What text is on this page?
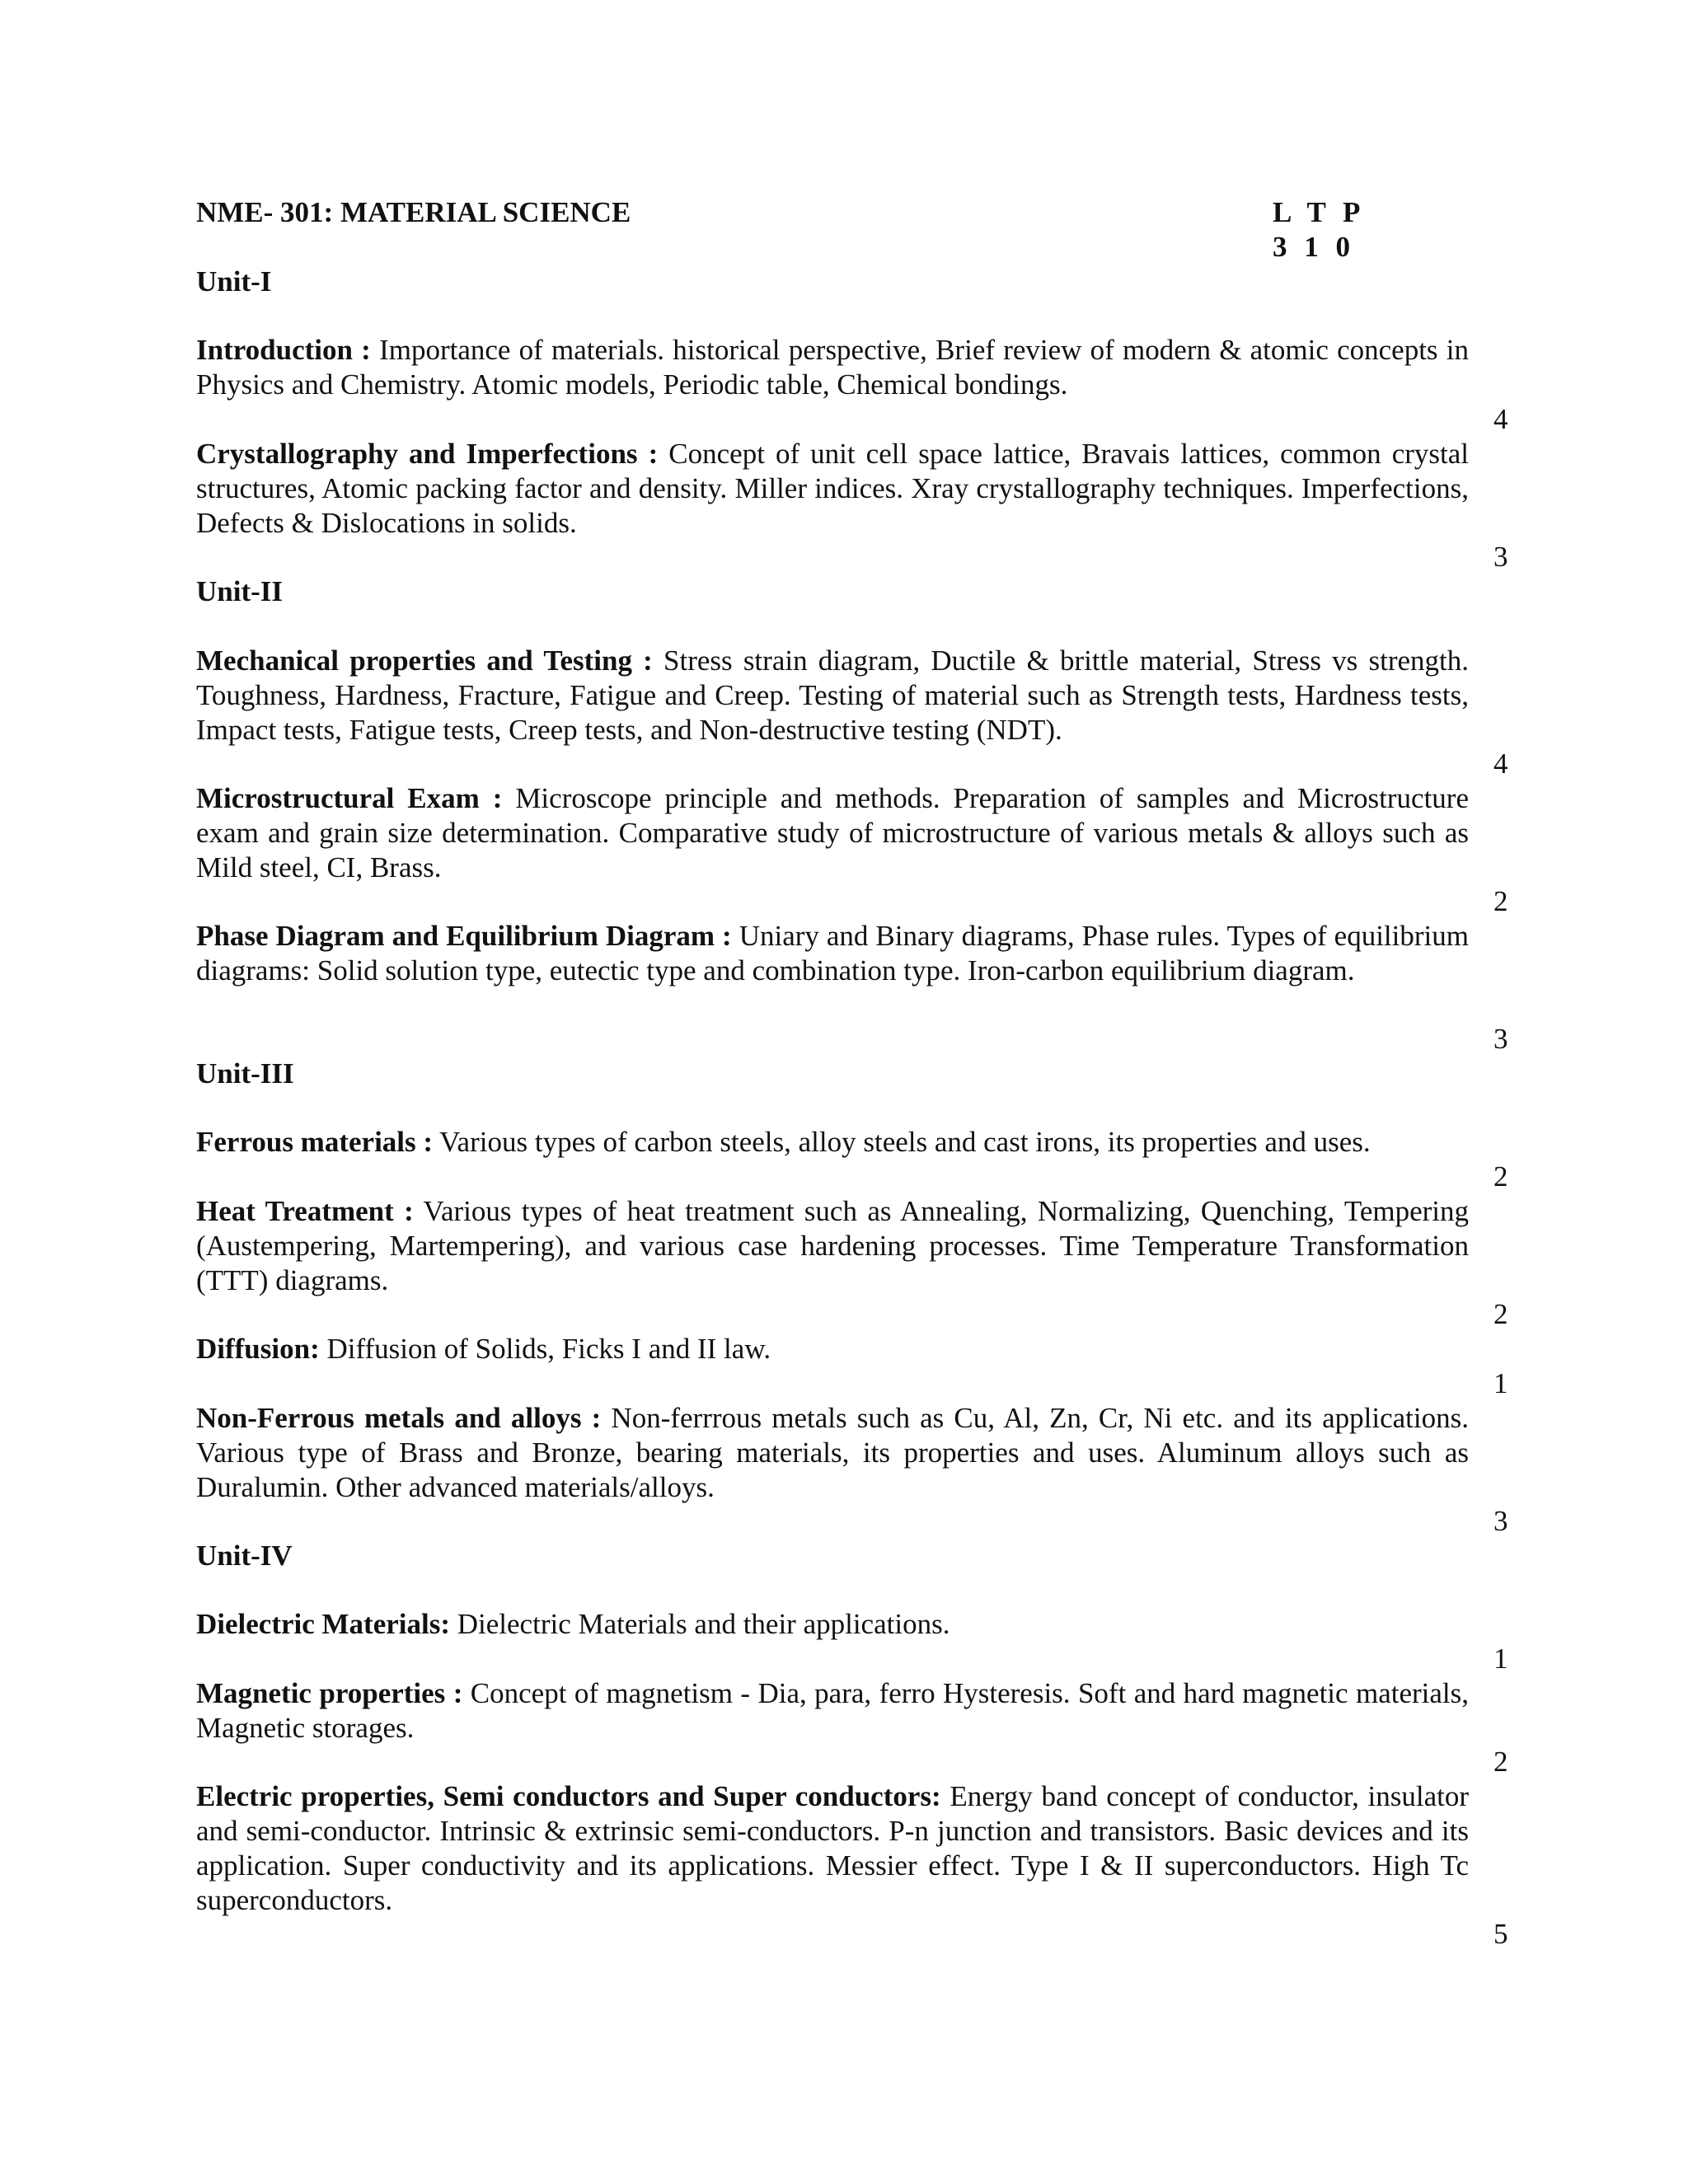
NME- 301: MATERIAL SCIENCE	L T P
3 1 0
Unit-I
Introduction : Importance of materials. historical perspective, Brief review of modern & atomic concepts in Physics and Chemistry. Atomic models, Periodic table, Chemical bondings.
4
Crystallography and Imperfections : Concept of unit cell space lattice, Bravais lattices, common crystal structures, Atomic packing factor and density. Miller indices. Xray crystallography techniques. Imperfections, Defects & Dislocations in solids.
3
Unit-II
Mechanical properties and Testing : Stress strain diagram, Ductile & brittle material, Stress vs strength. Toughness, Hardness, Fracture, Fatigue and Creep. Testing of material such as Strength tests, Hardness tests, Impact tests, Fatigue tests, Creep tests, and Non-destructive testing (NDT).
4
Microstructural Exam : Microscope principle and methods. Preparation of samples and Microstructure exam and grain size determination. Comparative study of microstructure of various metals & alloys such as Mild steel, CI, Brass.
2
Phase Diagram and Equilibrium Diagram : Uniary and Binary diagrams, Phase rules. Types of equilibrium diagrams: Solid solution type, eutectic type and combination type. Iron-carbon equilibrium diagram.
3
Unit-III
Ferrous materials : Various types of carbon steels, alloy steels and cast irons, its properties and uses.
2
Heat Treatment : Various types of heat treatment such as Annealing, Normalizing, Quenching, Tempering (Austempering, Martempering), and various case hardening processes. Time Temperature Transformation (TTT) diagrams.
2
Diffusion: Diffusion of Solids, Ficks I and II law.
1
Non-Ferrous metals and alloys : Non-ferrrous metals such as Cu, Al, Zn, Cr, Ni etc. and its applications. Various type of Brass and Bronze, bearing materials, its properties and uses. Aluminum alloys such as Duralumin. Other advanced materials/alloys.
3
Unit-IV
Dielectric Materials: Dielectric Materials and their applications.
1
Magnetic properties : Concept of magnetism - Dia, para, ferro Hysteresis. Soft and hard magnetic materials, Magnetic storages.
2
Electric properties, Semi conductors and Super conductors: Energy band concept of conductor, insulator and semi-conductor. Intrinsic & extrinsic semi-conductors. P-n junction and transistors. Basic devices and its application. Super conductivity and its applications. Messier effect. Type I & II superconductors. High Tc superconductors.
5
